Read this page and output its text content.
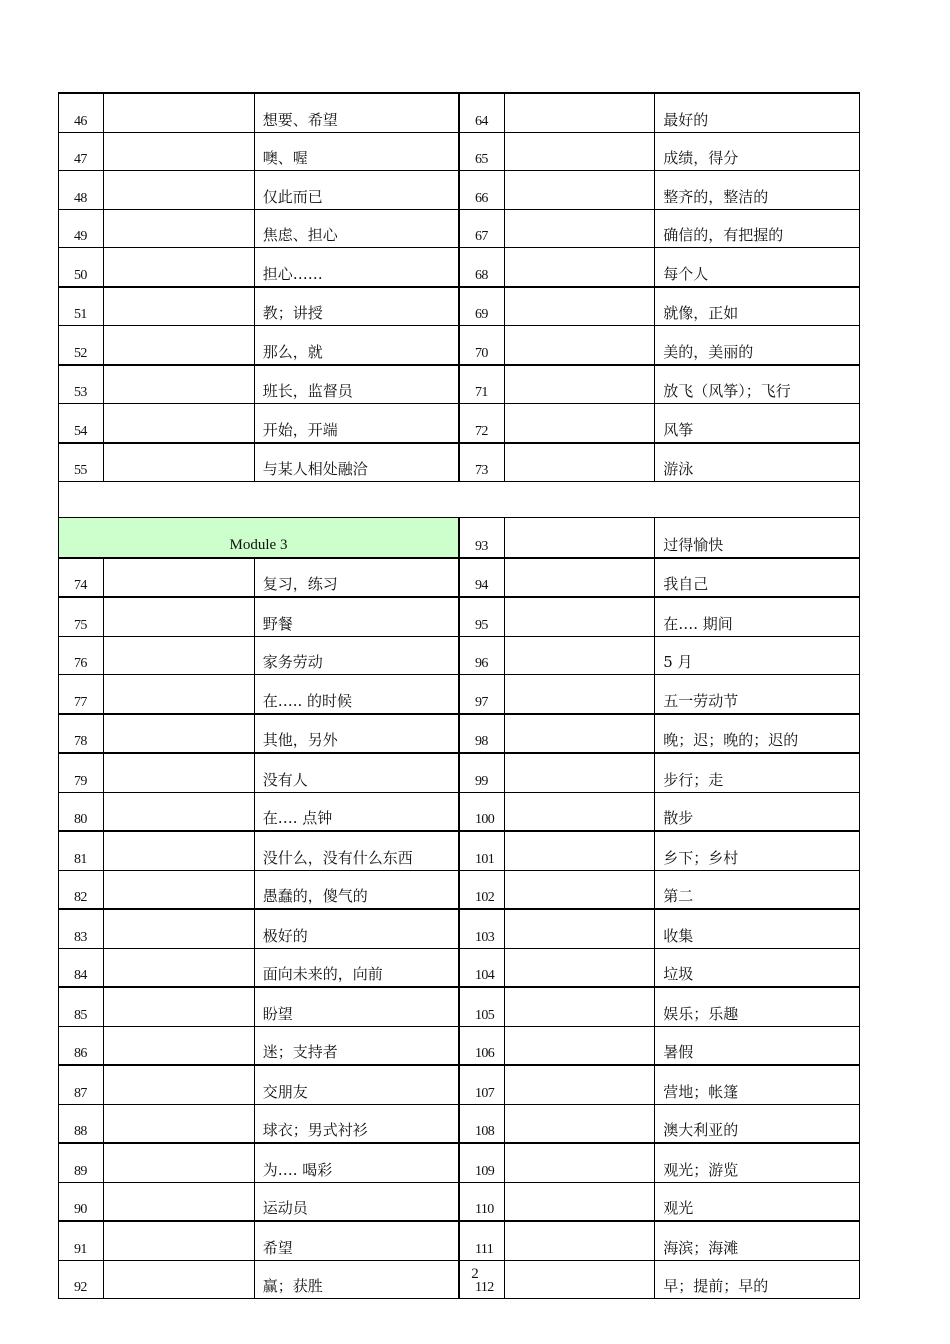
46		想要、希望	64		最好的
47		噢、喔	65		成绩，得分
48		仅此而已	66		整齐的，整洁的
49		焦虑、担心	67		确信的，有把握的
50		担心……	68		每个人
51		教；讲授	69		就像，正如
52		那么，就	70		美的，美丽的
53		班长，监督员	71		放飞（风筝）；飞行
54		开始，开端	72		风筝
55		与某人相处融洽	73		游泳

Module 3			93		过得愉快
74		复习，练习	94		我自己
75		野餐	95		在…. 期间
76		家务劳动	96		5 月
77		在….. 的时候	97		五一劳动节
78		其他，另外	98		晚；迟；晚的；迟的
79		没有人	99		步行；走
80		在…. 点钟	100		散步
81		没什么，没有什么东西	101		乡下；乡村
82		愚蠢的，傻气的	102		第二
83		极好的	103		收集
84		面向未来的，向前	104		垃圾
85		盼望	105		娱乐；乐趣
86		迷；支持者	106		暑假
87		交朋友	107		营地；帐篷
88		球衣；男式衬衫	108		澳大利亚的
89		为…. 喝彩	109		观光；游览
90		运动员	110		观光
91		希望	111		海滨；海滩
92		赢；获胜	112		早；提前；早的
2
